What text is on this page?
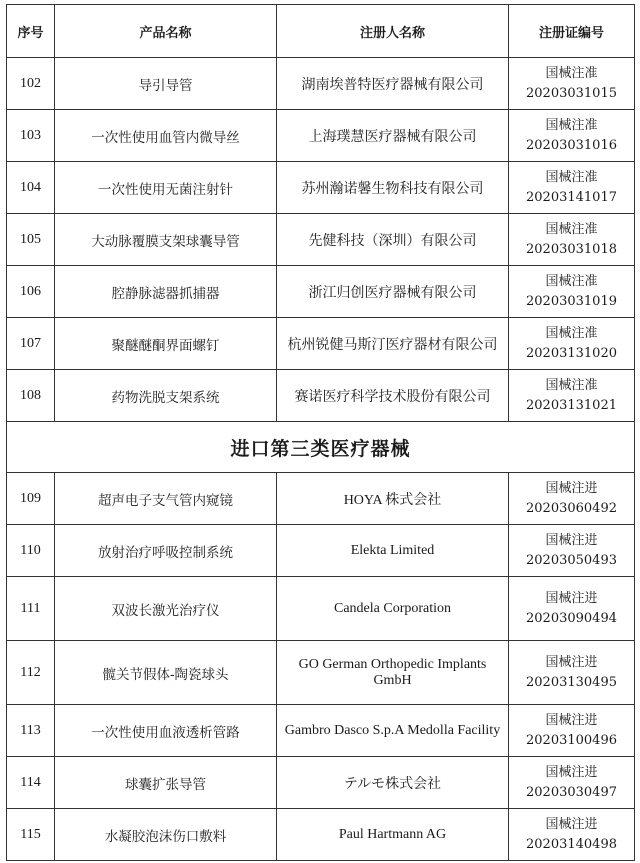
序号	产品名称	注册人名称	注册证编号
102	导引导管	湖南埃普特医疗器械有限公司	国械注准
20203031015

103	一次性使用血管内微导丝	上海璞慧医疗器械有限公司	国械注准
20203031016

104	一次性使用无菌注射针	苏州瀚诺馨生物科技有限公司	国械注准
20203141017

105	大动脉覆膜支架球囊导管	先健科技（深圳）有限公司	国械注准
20203031018

106	腔静脉滤器抓捕器	浙江归创医疗器械有限公司	国械注准
20203031019

107	聚醚醚酮界面螺钉	杭州锐健马斯汀医疗器材有限公司	国械注准
20203131020

108	药物洗脱支架系统	赛诺医疗科学技术股份有限公司	国械注准
20203131021

进口第三类医疗器械			
109	超声电子支气管内窥镜	HOYA 株式会社	国械注进
20203060492

110	放射治疗呼吸控制系统	Elekta Limited	国械注进
20203050493

111	双波长激光治疗仪	Candela Corporation	国械注进
20203090494

112	髋关节假体-陶瓷球头	GO German Orthopedic Implants GmbH	国械注进
20203130495

113	一次性使用血液透析管路	Gambro Dasco S.p.A Medolla Facility	国械注进
20203100496

114	球囊扩张导管	テルモ株式会社	国械注进
20203030497

115	水凝胶泡沫伤口敷料	Paul Hartmann AG	国械注进
20203140498
